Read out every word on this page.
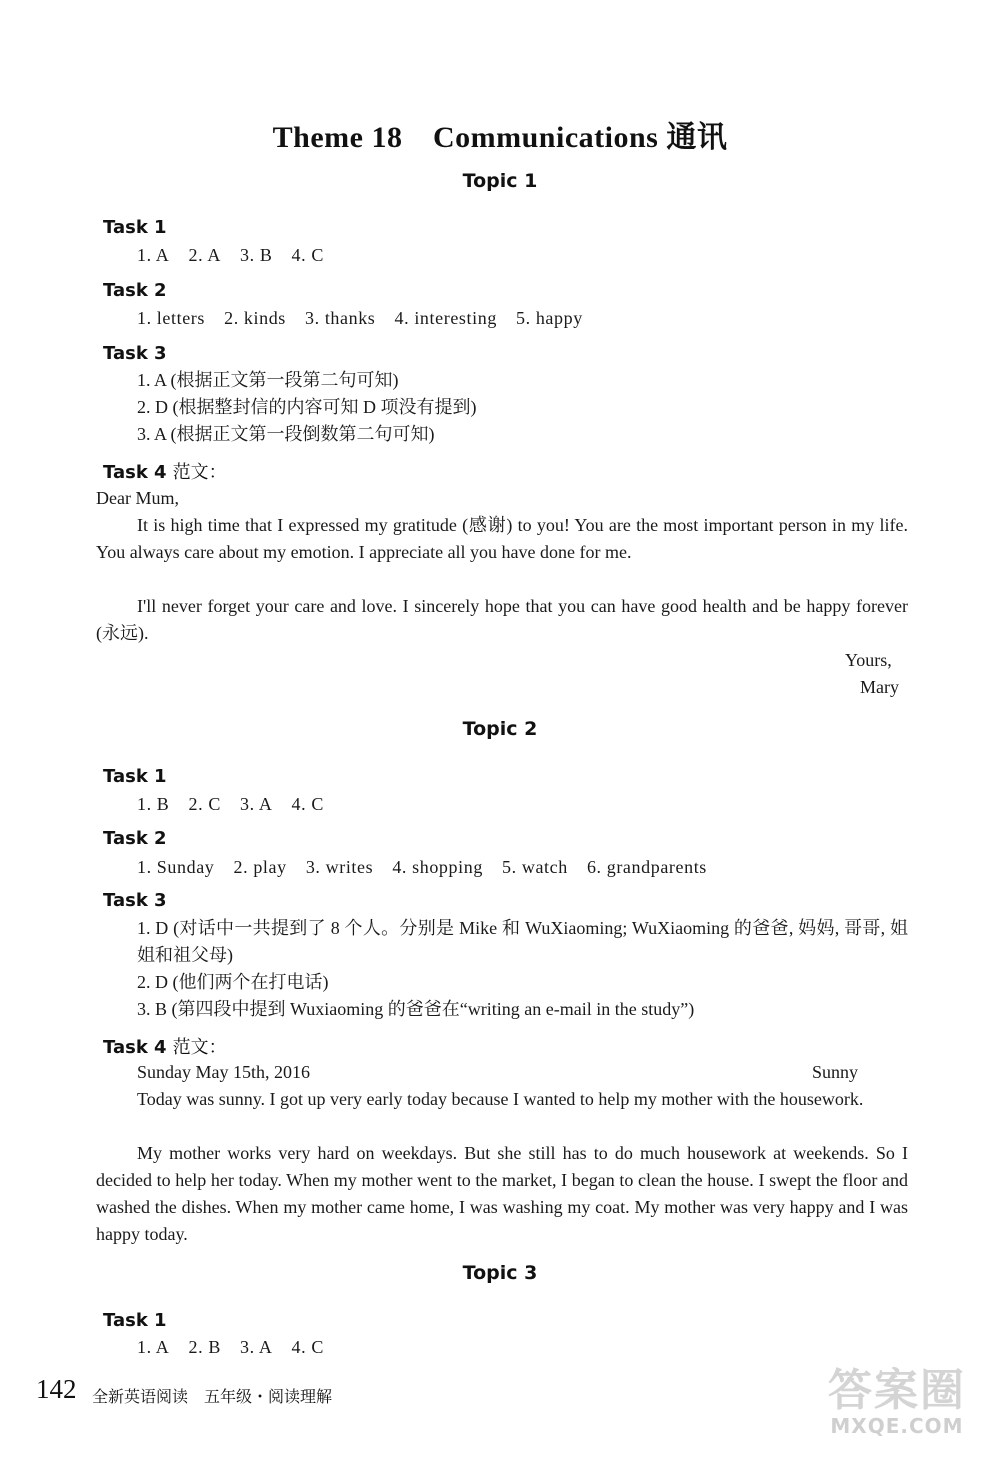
Theme 18　Communications 通讯
Topic 1
Task 1
1. A 2. A 3. B 4. C
Task 2
1. letters 2. kinds 3. thanks 4. interesting 5. happy
Task 3
1. A (根据正文第一段第二句可知)
2. D (根据整封信的内容可知 D 项没有提到)
3. A (根据正文第一段倒数第二句可知)
Task 4 范文：
Dear Mum,
It is high time that I expressed my gratitude (感谢) to you! You are the most important person in my life. You always care about my emotion. I appreciate all you have done for me.
I'll never forget your care and love. I sincerely hope that you can have good health and be happy forever (永远).
Yours,
Mary
Topic 2
Task 1
1. B 2. C 3. A 4. C
Task 2
1. Sunday 2. play 3. writes 4. shopping 5. watch 6. grandparents
Task 3
1. D (对话中一共提到了 8 个人。分别是 Mike 和 WuXiaoming; WuXiaoming 的爸爸, 妈妈, 哥哥, 姐姐和祖父母)
2. D (他们两个在打电话)
3. B (第四段中提到 Wuxiaoming 的爸爸在“writing an e-mail in the study”)
Task 4 范文：
Sunday May 15th, 2016	Sunny
Today was sunny. I got up very early today because I wanted to help my mother with the housework.
My mother works very hard on weekdays. But she still has to do much housework at weekends. So I decided to help her today. When my mother went to the market, I began to clean the house. I swept the floor and washed the dishes. When my mother came home, I was washing my coat. My mother was very happy and I was happy today.
Topic 3
Task 1
1. A 2. B 3. A 4. C
142 全新英语阅读　五年级・阅读理解	答案圈
MXQE.COM
